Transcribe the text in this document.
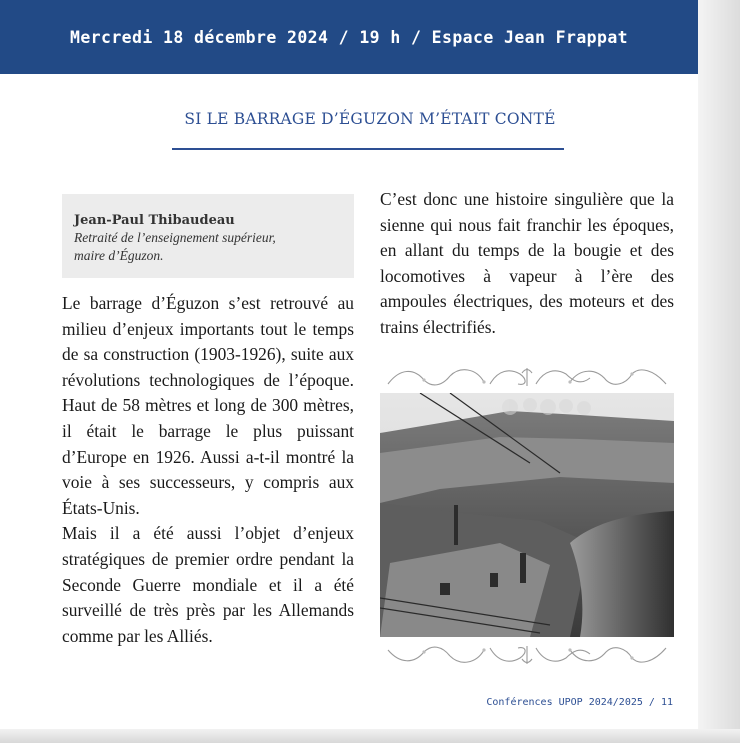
Mercredi 18 décembre 2024 / 19 h / Espace Jean Frappat
SI LE BARRAGE D’ÉGUZON M’ÉTAIT CONTÉ
Jean-Paul Thibaudeau
Retraité de l’enseignement supérieur,
maire d’Éguzon.

Le barrage d’Éguzon s’est retrouvé au milieu d’enjeux importants tout le temps de sa construction (1903-1926), suite aux révolutions technologiques de l’époque. Haut de 58 mètres et long de 300 mètres, il était le barrage le plus puissant d’Europe en 1926. Aussi a-t-il montré la voie à ses successeurs, y compris aux États-Unis.

Mais il a été aussi l’objet d’enjeux stratégiques de premier ordre pendant la Seconde Guerre mondiale et il a été surveillé de très près par les Allemands comme par les Alliés.

C’est donc une histoire singulière que la sienne qui nous fait franchir les époques, en allant du temps de la bougie et des locomotives à vapeur à l’ère des ampoules électriques, des moteurs et des trains électrifiés.

Conférences UPOP 2024/2025 / 11
